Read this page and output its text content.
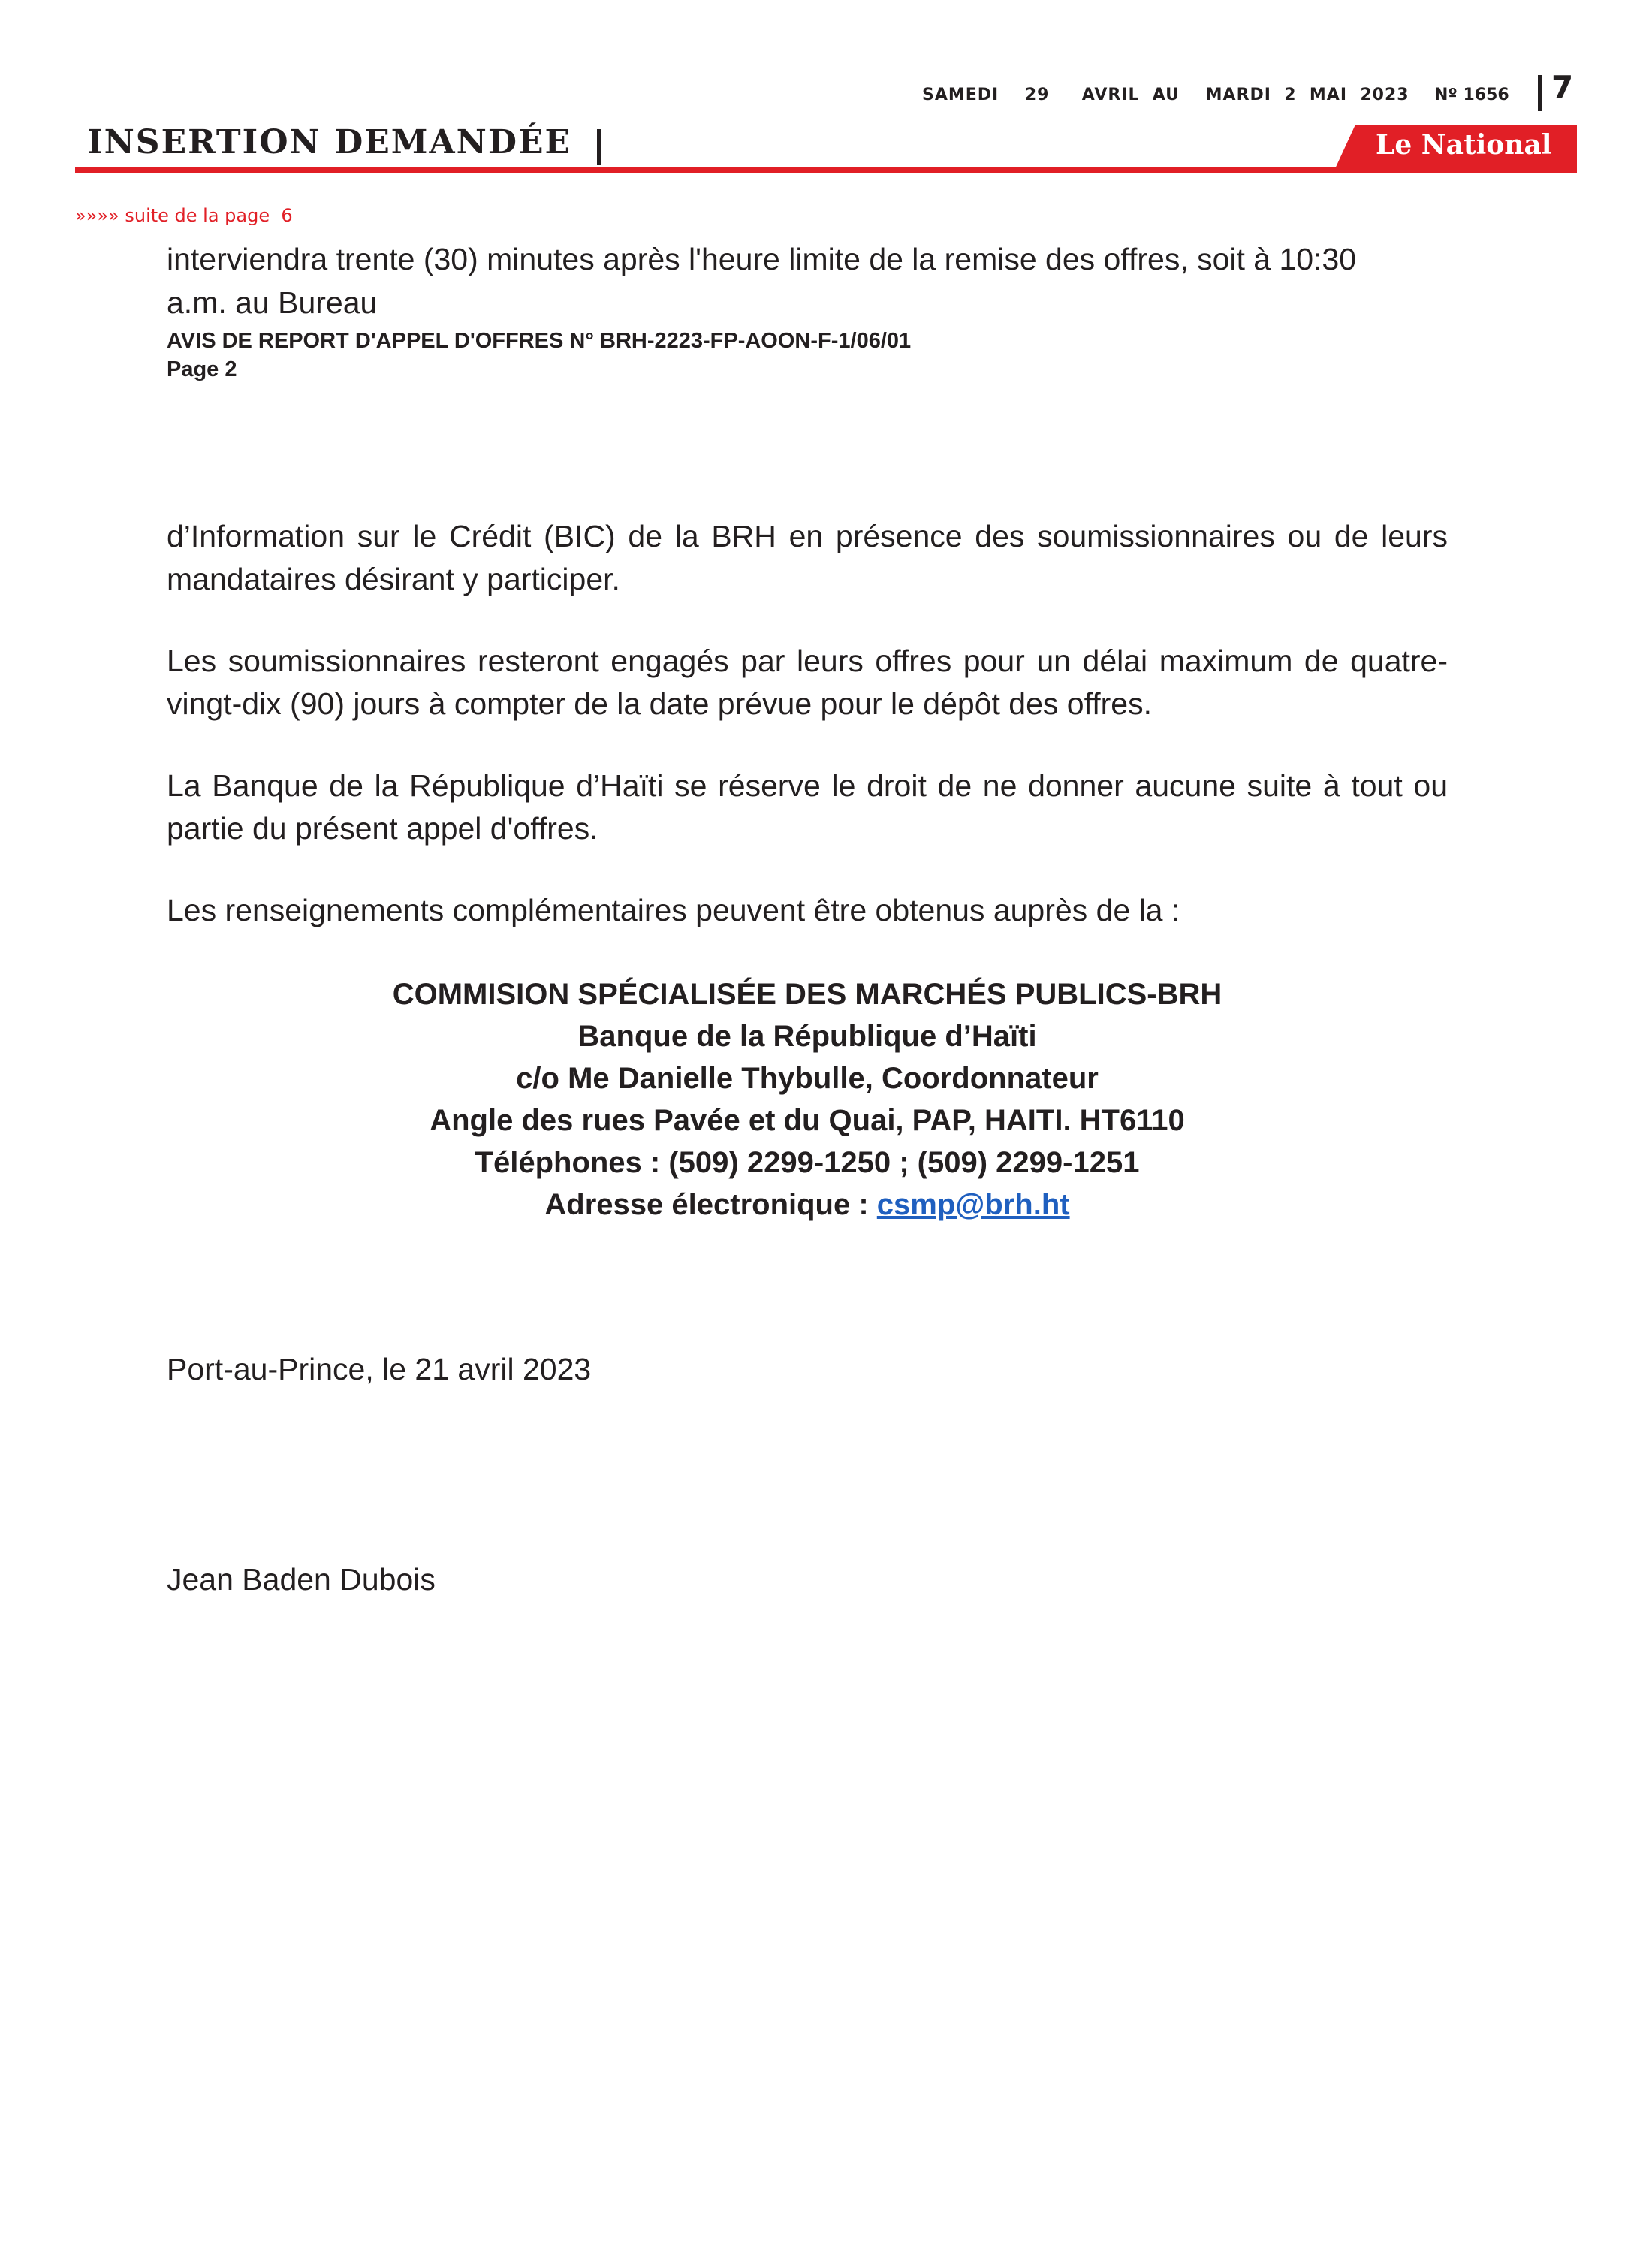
SAMEDI    29     AVRIL  AU    MARDI  2  MAI  2023 Nº 1656 7
INSERTION DEMANDÉE	Le National
»»»» suite de la page  6
interviendra trente (30) minutes après l'heure limite de la remise des offres, soit à 10:30
a.m. au Bureau
AVIS DE REPORT D'APPEL D'OFFRES N° BRH-2223-FP-AOON-F-1/06/01
Page 2
d’Information sur le Crédit (BIC) de la BRH en présence des soumissionnaires ou de leurs mandataires désirant y participer.
Les soumissionnaires resteront engagés par leurs offres pour un délai maximum de quatre-vingt-dix (90) jours à compter de la date prévue pour le dépôt des offres.
La Banque de la République d’Haïti se réserve le droit de ne donner aucune suite à tout ou partie du présent appel d'offres.
Les renseignements complémentaires peuvent être obtenus auprès de la :
COMMISION SPÉCIALISÉE DES MARCHÉS PUBLICS-BRH
Banque de la République d’Haïti
c/o Me Danielle Thybulle, Coordonnateur
Angle des rues Pavée et du Quai, PAP, HAITI. HT6110
Téléphones : (509) 2299-1250 ; (509) 2299-1251
Adresse électronique : csmp@brh.ht
Port-au-Prince, le 21 avril 2023
Jean Baden Dubois
